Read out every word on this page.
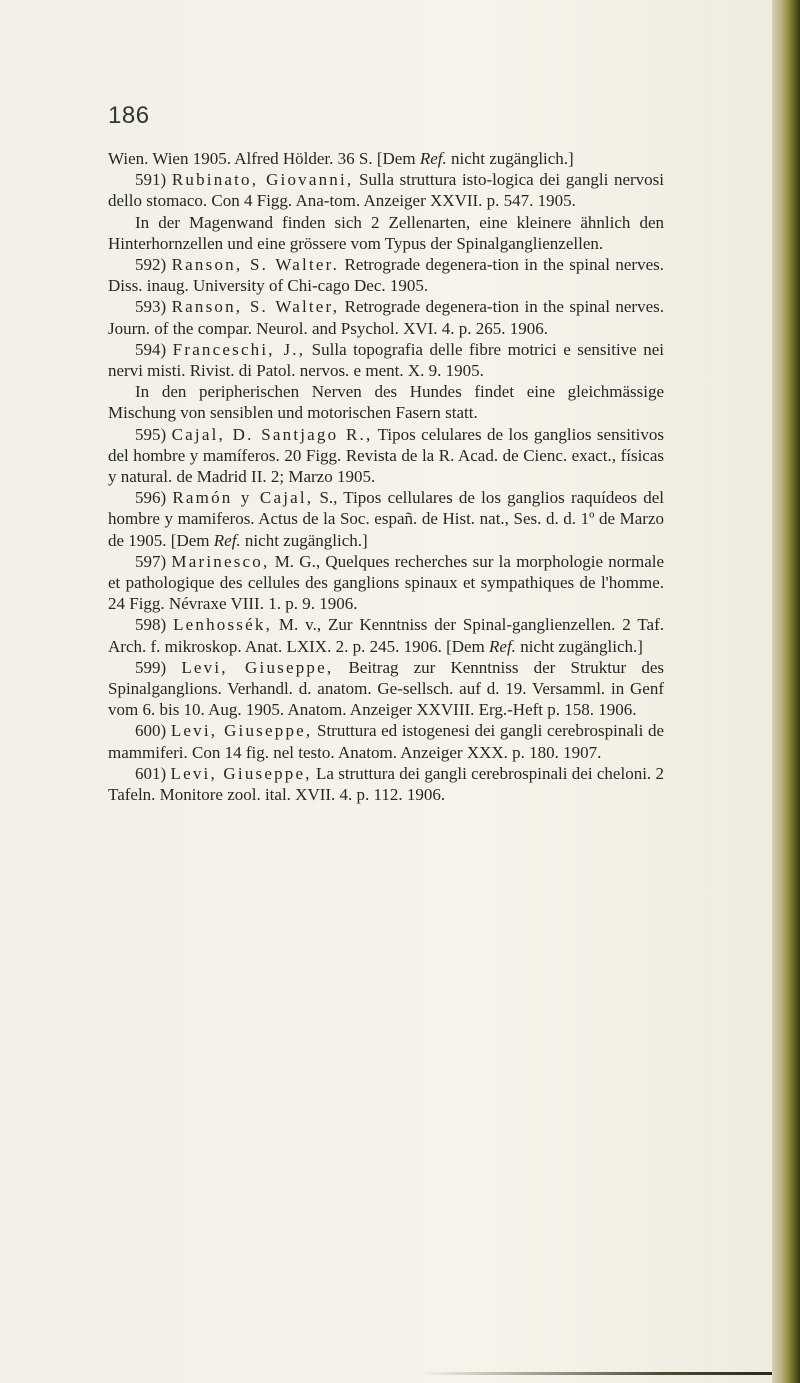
186

Wien. Wien 1905. Alfred Hölder. 36 S. [Dem Ref. nicht zugänglich.]

591) Rubinato, Giovanni, Sulla struttura isto-logica dei gangli nervosi dello stomaco. Con 4 Figg. Ana-tom. Anzeiger XXVII. p. 547. 1905.

In der Magenwand finden sich 2 Zellenarten, eine kleinere ähnlich den Hinterhornzellen und eine grössere vom Typus der Spinalganglienzellen.

592) Ranson, S. Walter. Retrograde degenera-tion in the spinal nerves. Diss. inaug. University of Chi-cago Dec. 1905.

593) Ranson, S. Walter, Retrograde degenera-tion in the spinal nerves. Journ. of the compar. Neurol. and Psychol. XVI. 4. p. 265. 1906.

594) Franceschi, J., Sulla topografia delle fibre motrici e sensitive nei nervi misti. Rivist. di Patol. nervos. e ment. X. 9. 1905.

In den peripherischen Nerven des Hundes findet eine gleichmässige Mischung von sensiblen und motorischen Fasern statt.

595) Cajal, D. Santjago R., Tipos celulares de los ganglios sensitivos del hombre y mamíferos. 20 Figg. Revista de la R. Acad. de Cienc. exact., físicas y natural. de Madrid II. 2; Marzo 1905.

596) Ramón y Cajal, S., Tipos cellulares de los ganglios raquídeos del hombre y mamiferos. Actus de la Soc. españ. de Hist. nat., Ses. d. d. 1º de Marzo de 1905. [Dem Ref. nicht zugänglich.]

597) Marinesco, M. G., Quelques recherches sur la morphologie normale et pathologique des cellules des ganglions spinaux et sympathiques de l'homme. 24 Figg. Névraxe VIII. 1. p. 9. 1906.

598) Lenhossék, M. v., Zur Kenntniss der Spinal-ganglienzellen. 2 Taf. Arch. f. mikroskop. Anat. LXIX. 2. p. 245. 1906. [Dem Ref. nicht zugänglich.]

599) Levi, Giuseppe, Beitrag zur Kenntniss der Struktur des Spinalganglions. Verhandl. d. anatom. Ge-sellsch. auf d. 19. Versamml. in Genf vom 6. bis 10. Aug. 1905. Anatom. Anzeiger XXVIII. Erg.-Heft p. 158. 1906.

600) Levi, Giuseppe, Struttura ed istogenesi dei gangli cerebrospinali de mammiferi. Con 14 fig. nel testo. Anatom. Anzeiger XXX. p. 180. 1907.

601) Levi, Giuseppe, La struttura dei gangli cerebrospinali dei cheloni. 2 Tafeln. Monitore zool. ital. XVII. 4. p. 112. 1906.
